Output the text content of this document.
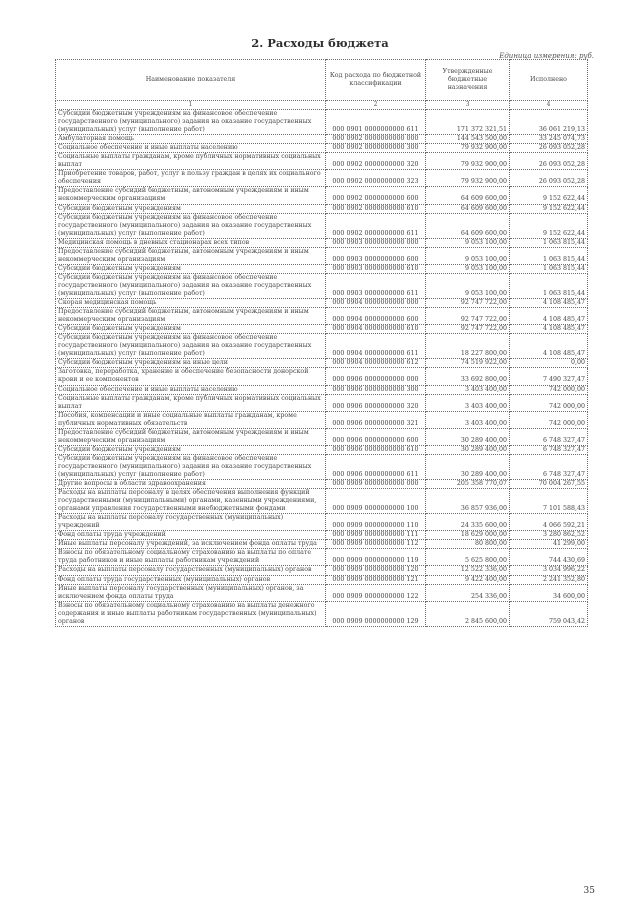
2. Расходы бюджета
Единица измерения: руб.
Наименование показателя	Код расхода по бюджетной классификации	Утвержденные бюджетные назначения	Исполнено
1	2	3	4
Субсидии бюджетным учреждениям на финансовое обеспечение государственного (муниципального) задания на оказание государственных (муниципальных) услуг (выполнение работ)	000 0901 0000000000 611	171 372 321,51	36 061 219,13
Амбулаторная помощь	000 0902 0000000000 000	144 543 500,00	33 245 074,73
Социальное обеспечение и иные выплаты населению	000 0902 0000000000 300	79 932 900,00	26 093 052,28
Социальные выплаты гражданам, кроме публичных нормативных социальных выплат	000 0902 0000000000 320	79 932 900,00	26 093 052,28
Приобретение товаров, работ, услуг в пользу граждан в целях их социального обеспечения	000 0902 0000000000 323	79 932 900,00	26 093 052,28
Предоставление субсидий бюджетным, автономным учреждениям и иным некоммерческим организациям	000 0902 0000000000 600	64 609 600,00	9 152 622,44
Субсидии бюджетным учреждениям	000 0902 0000000000 610	64 609 600,00	9 152 622,44
Субсидии бюджетным учреждениям на финансовое обеспечение государственного (муниципального) задания на оказание государственных (муниципальных) услуг (выполнение работ)	000 0902 0000000000 611	64 609 600,00	9 152 622,44
Медицинская помощь в дневных стационарах всех типов	000 0903 0000000000 000	9 053 100,00	1 063 815,44
Предоставление субсидий бюджетным, автономным учреждениям и иным некоммерческим организациям	000 0903 0000000000 600	9 053 100,00	1 063 815,44
Субсидии бюджетным учреждениям	000 0903 0000000000 610	9 053 100,00	1 063 815,44
Субсидии бюджетным учреждениям на финансовое обеспечение государственного (муниципального) задания на оказание государственных (муниципальных) услуг (выполнение работ)	000 0903 0000000000 611	9 053 100,00	1 063 815,44
Скорая медицинская помощь	000 0904 0000000000 000	92 747 722,00	4 108 485,47
Предоставление субсидий бюджетным, автономным учреждениям и иным некоммерческим организациям	000 0904 0000000000 600	92 747 722,00	4 108 485,47
Субсидии бюджетным учреждениям	000 0904 0000000000 610	92 747 722,00	4 108 485,47
Субсидии бюджетным учреждениям на финансовое обеспечение государственного (муниципального) задания на оказание государственных (муниципальных) услуг (выполнение работ)	000 0904 0000000000 611	18 227 800,00	4 108 485,47
Субсидии бюджетным учреждениям на иные цели	000 0904 0000000000 612	74 519 922,00	0,00
Заготовка, переработка, хранение и обеспечение безопасности донорской крови и ее компонентов	000 0906 0000000000 000	33 692 800,00	7 490 327,47
Социальное обеспечение и иные выплаты населению	000 0906 0000000000 300	3 403 400,00	742 000,00
Социальные выплаты гражданам, кроме публичных нормативных социальных выплат	000 0906 0000000000 320	3 403 400,00	742 000,00
Пособия, компенсации и иные социальные выплаты гражданам, кроме публичных нормативных обязательств	000 0906 0000000000 321	3 403 400,00	742 000,00
Предоставление субсидий бюджетным, автономным учреждениям и иным некоммерческим организациям	000 0906 0000000000 600	30 289 400,00	6 748 327,47
Субсидии бюджетным учреждениям	000 0906 0000000000 610	30 289 400,00	6 748 327,47
Субсидии бюджетным учреждениям на финансовое обеспечение государственного (муниципального) задания на оказание государственных (муниципальных) услуг (выполнение работ)	000 0906 0000000000 611	30 289 400,00	6 748 327,47
Другие вопросы в области здравоохранения	000 0909 0000000000 000	205 358 770,07	70 004 267,55
Расходы на выплаты персоналу в целях обеспечения выполнения функций государственными (муниципальными) органами, казенными учреждениями, органами управления государственными внебюджетными фондами	000 0909 0000000000 100	36 857 936,00	7 101 588,43
Расходы на выплаты персоналу государственных (муниципальных) учреждений	000 0909 0000000000 110	24 335 600,00	4 066 592,21
Фонд оплаты труда учреждений	000 0909 0000000000 111	18 629 000,00	3 280 862,52
Иные выплаты персоналу учреждений, за исключением фонда оплаты труда	000 0909 0000000000 112	80 800,00	41 299,00
Взносы по обязательному социальному страхованию на выплаты по оплате труда работников и иные выплаты работникам учреждений	000 0909 0000000000 119	5 625 800,00	744 430,69
Расходы на выплаты персоналу государственных (муниципальных) органов	000 0909 0000000000 120	12 522 336,00	3 034 996,22
Фонд оплаты труда государственных (муниципальных) органов	000 0909 0000000000 121	9 422 400,00	2 241 352,80
Иные выплаты персоналу государственных (муниципальных) органов, за исключением фонда оплаты труда	000 0909 0000000000 122	254 336,00	34 600,00
Взносы по обязательному социальному страхованию на выплаты денежного содержания и иные выплаты работникам государственных (муниципальных) органов	000 0909 0000000000 129	2 845 600,00	759 043,42
35
